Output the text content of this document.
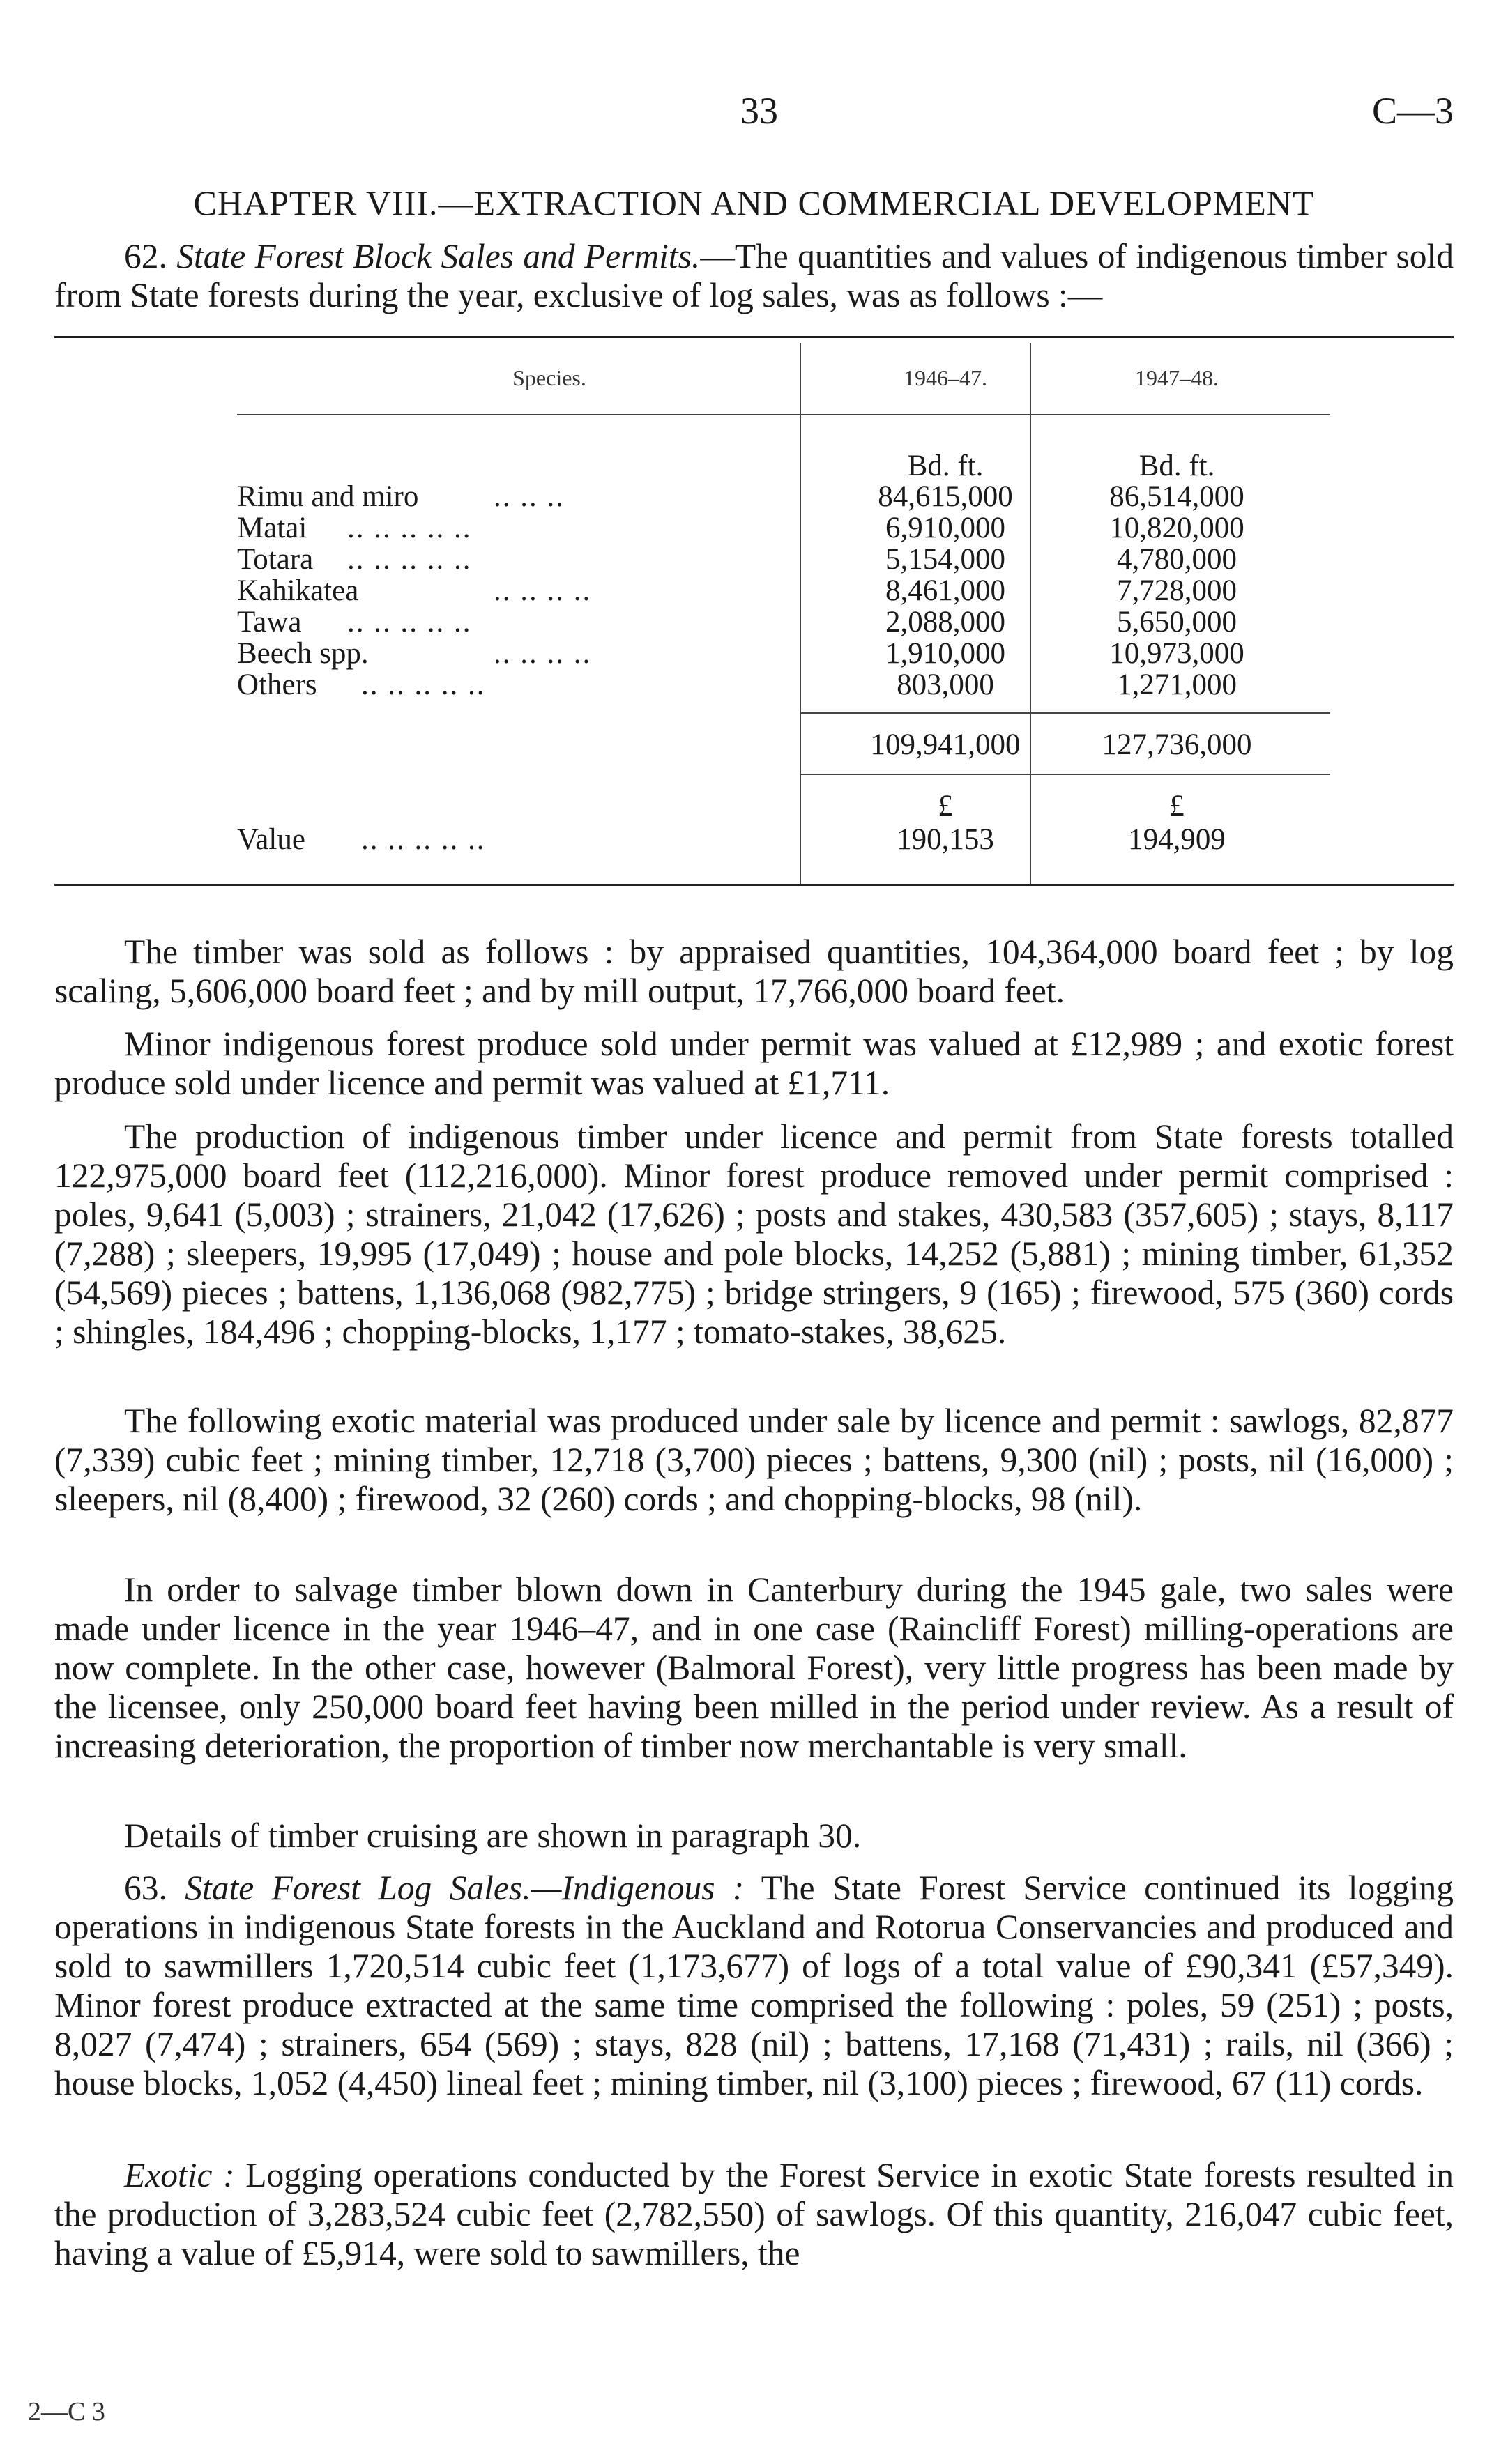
33	C—3
CHAPTER VIII.—EXTRACTION AND COMMERCIAL DEVELOPMENT
62. State Forest Block Sales and Permits.—The quantities and values of indigenous timber sold from State forests during the year, exclusive of log sales, was as follows :—
Species.	1946–47.	1947–48.
Bd. ft.	Bd. ft.
Rimu and miro	.. .. ..	84,615,000	86,514,000
Matai .. .. .. .. ..	6,910,000	10,820,000
Totara .. .. .. .. ..	5,154,000	4,780,000
Kahikatea	.. .. .. ..	8,461,000	7,728,000
Tawa .. .. .. .. ..	2,088,000	5,650,000
Beech spp.	.. .. .. ..	1,910,000	10,973,000
Others .. .. .. .. ..	803,000	1,271,000
109,941,000	127,736,000
£	£
Value .. .. .. .. ..	190,153	194,909
The timber was sold as follows : by appraised quantities, 104,364,000 board feet ; by log scaling, 5,606,000 board feet ; and by mill output, 17,766,000 board feet.
Minor indigenous forest produce sold under permit was valued at £12,989 ; and exotic forest produce sold under licence and permit was valued at £1,711.
The production of indigenous timber under licence and permit from State forests totalled 122,975,000 board feet (112,216,000). Minor forest produce removed under permit comprised : poles, 9,641 (5,003) ; strainers, 21,042 (17,626) ; posts and stakes, 430,583 (357,605) ; stays, 8,117 (7,288) ; sleepers, 19,995 (17,049) ; house and pole blocks, 14,252 (5,881) ; mining timber, 61,352 (54,569) pieces ; battens, 1,136,068 (982,775) ; bridge stringers, 9 (165) ; firewood, 575 (360) cords ; shingles, 184,496 ; chopping-blocks, 1,177 ; tomato-stakes, 38,625.
The following exotic material was produced under sale by licence and permit : sawlogs, 82,877 (7,339) cubic feet ; mining timber, 12,718 (3,700) pieces ; battens, 9,300 (nil) ; posts, nil (16,000) ; sleepers, nil (8,400) ; firewood, 32 (260) cords ; and chopping-blocks, 98 (nil).
In order to salvage timber blown down in Canterbury during the 1945 gale, two sales were made under licence in the year 1946–47, and in one case (Raincliff Forest) milling-operations are now complete. In the other case, however (Balmoral Forest), very little progress has been made by the licensee, only 250,000 board feet having been milled in the period under review. As a result of increasing deterioration, the proportion of timber now merchantable is very small.
Details of timber cruising are shown in paragraph 30.
63. State Forest Log Sales.—Indigenous : The State Forest Service continued its logging operations in indigenous State forests in the Auckland and Rotorua Conservancies and produced and sold to sawmillers 1,720,514 cubic feet (1,173,677) of logs of a total value of £90,341 (£57,349). Minor forest produce extracted at the same time comprised the following : poles, 59 (251) ; posts, 8,027 (7,474) ; strainers, 654 (569) ; stays, 828 (nil) ; battens, 17,168 (71,431) ; rails, nil (366) ; house blocks, 1,052 (4,450) lineal feet ; mining timber, nil (3,100) pieces ; firewood, 67 (11) cords.
Exotic : Logging operations conducted by the Forest Service in exotic State forests resulted in the production of 3,283,524 cubic feet (2,782,550) of sawlogs. Of this quantity, 216,047 cubic feet, having a value of £5,914, were sold to sawmillers, the
2—C 3
